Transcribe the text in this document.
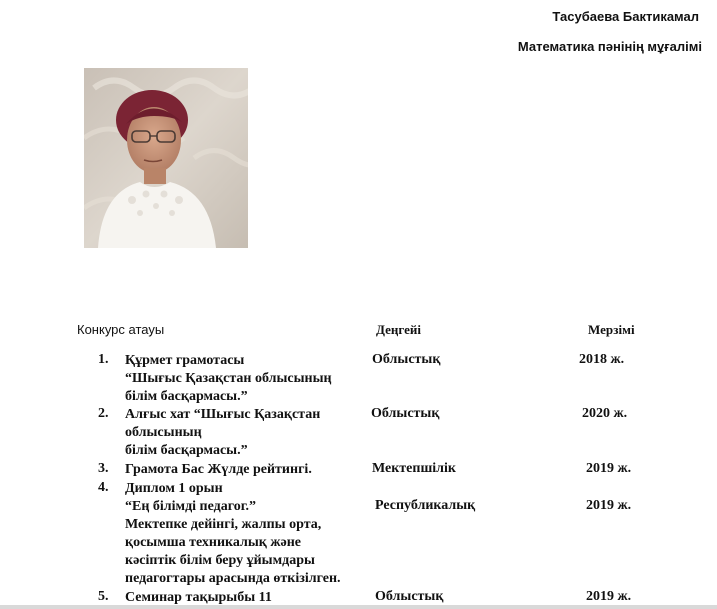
Тасубаева Бактикамал
Математика пәнінің мұғалімі
Конкурс атауы	Деңгейі	Мерзімі
1. Құрмет грамотасы
“Шығыс Қазақстан облысының
білім басқармасы.”
Облыстық	2018 ж.
2. Алғыс хат “Шығыс Қазақстан
облысының
білім басқармасы.”
Облыстық	2020 ж.
3. Грамота Бас Жүлде рейтингі.	Мектепшілік	2019 ж.
4. Диплом 1 орын
“Ең білімді педагог.”
Мектепке дейінгі, жалпы орта,
қосымша техникалық және
кәсіптік білім беру ұйымдары
педагогтары арасында өткізілген.
Республикалық	2019 ж.
5. Семинар тақырыбы 11	Облыстық	2019 ж.
